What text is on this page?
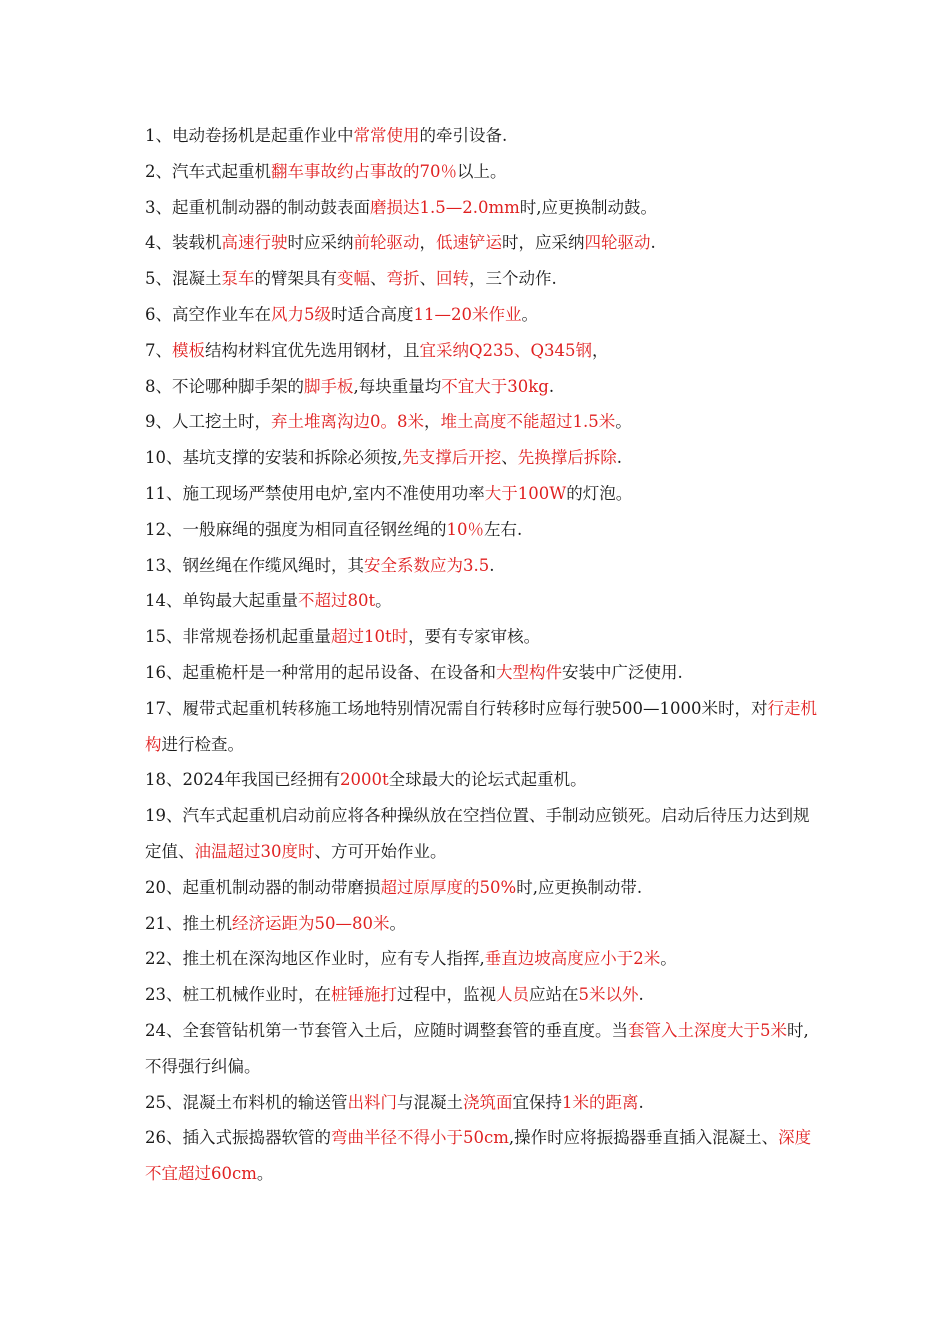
1、电动卷扬机是起重作业中常常使用的牵引设备.

2、汽车式起重机翻车事故约占事故的70％以上。

3、起重机制动器的制动鼓表面磨损达1.5—2.0mm时,应更换制动鼓。

4、装载机高速行驶时应采纳前轮驱动，低速铲运时，应采纳四轮驱动.

5、混凝土泵车的臂架具有变幅、弯折、回转，三个动作.

6、高空作业车在风力5级时适合高度11—20米作业。

7、模板结构材料宜优先选用钢材，且宜采纳Q235、Q345钢，

8、不论哪种脚手架的脚手板,每块重量均不宜大于30kg.

9、人工挖土时，弃土堆离沟边0。8米，堆土高度不能超过1.5米。

10、基坑支撑的安装和拆除必须按,先支撑后开挖、先换撑后拆除.

11、施工现场严禁使用电炉,室内不准使用功率大于100W的灯泡。

12、一般麻绳的强度为相同直径钢丝绳的10％左右.

13、钢丝绳在作缆风绳时，其安全系数应为3.5.

14、单钩最大起重量不超过80t。

15、非常规卷扬机起重量超过10t时，要有专家审核。

16、起重桅杆是一种常用的起吊设备、在设备和大型构件安装中广泛使用.

17、履带式起重机转移施工场地特别情况需自行转移时应每行驶500—1000米时，对行走机构进行检查。

18、2024年我国已经拥有2000t全球最大的论坛式起重机。

19、汽车式起重机启动前应将各种操纵放在空挡位置、手制动应锁死。启动后待压力达到规定值、油温超过30度时、方可开始作业。

20、起重机制动器的制动带磨损超过原厚度的50%时,应更换制动带.

21、推土机经济运距为50—80米。

22、推土机在深沟地区作业时，应有专人指挥,垂直边坡高度应小于2米。

23、桩工机械作业时，在桩锤施打过程中，监视人员应站在5米以外.

24、全套管钻机第一节套管入土后，应随时调整套管的垂直度。当套管入土深度大于5米时,不得强行纠偏。

25、混凝土布料机的输送管出料门与混凝土浇筑面宜保持1米的距离.

26、插入式振捣器软管的弯曲半径不得小于50cm,操作时应将振捣器垂直插入混凝土、深度不宜超过60cm。
